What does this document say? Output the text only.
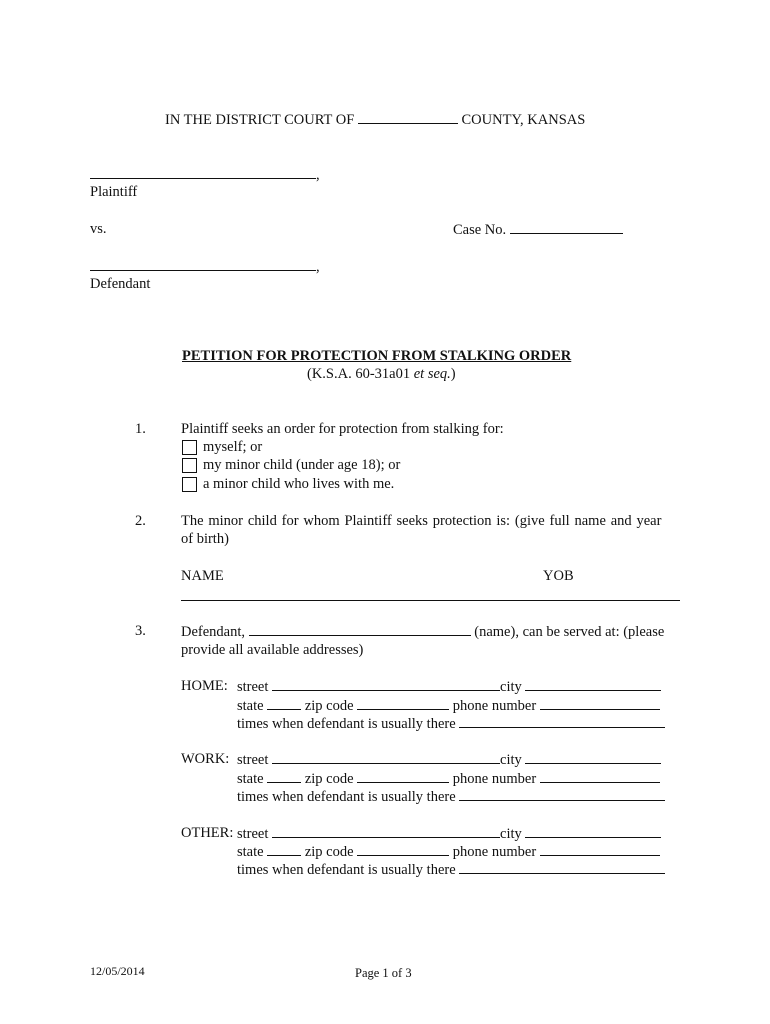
IN THE DISTRICT COURT OF	COUNTY, KANSAS
,
Plaintiff
vs.	Case No.
,
Defendant
PETITION FOR PROTECTION FROM STALKING ORDER
(K.S.A. 60-31a01 et seq.)
1. Plaintiff seeks an order for protection from stalking for:
myself; or
my minor child (under age 18); or
a minor child who lives with me.
2. The minor child for whom Plaintiff seeks protection is: (give full name and year
of birth)
NAME	YOB
3. Defendant,	(name), can be served at: (please
provide all available addresses)
HOME: street	city
state	zip code	phone number
times when defendant is usually there
WORK: street	city
state	zip code	phone number
times when defendant is usually there
OTHER: street	city
state	zip code	phone number
times when defendant is usually there
12/05/2014	Page 1 of 3
